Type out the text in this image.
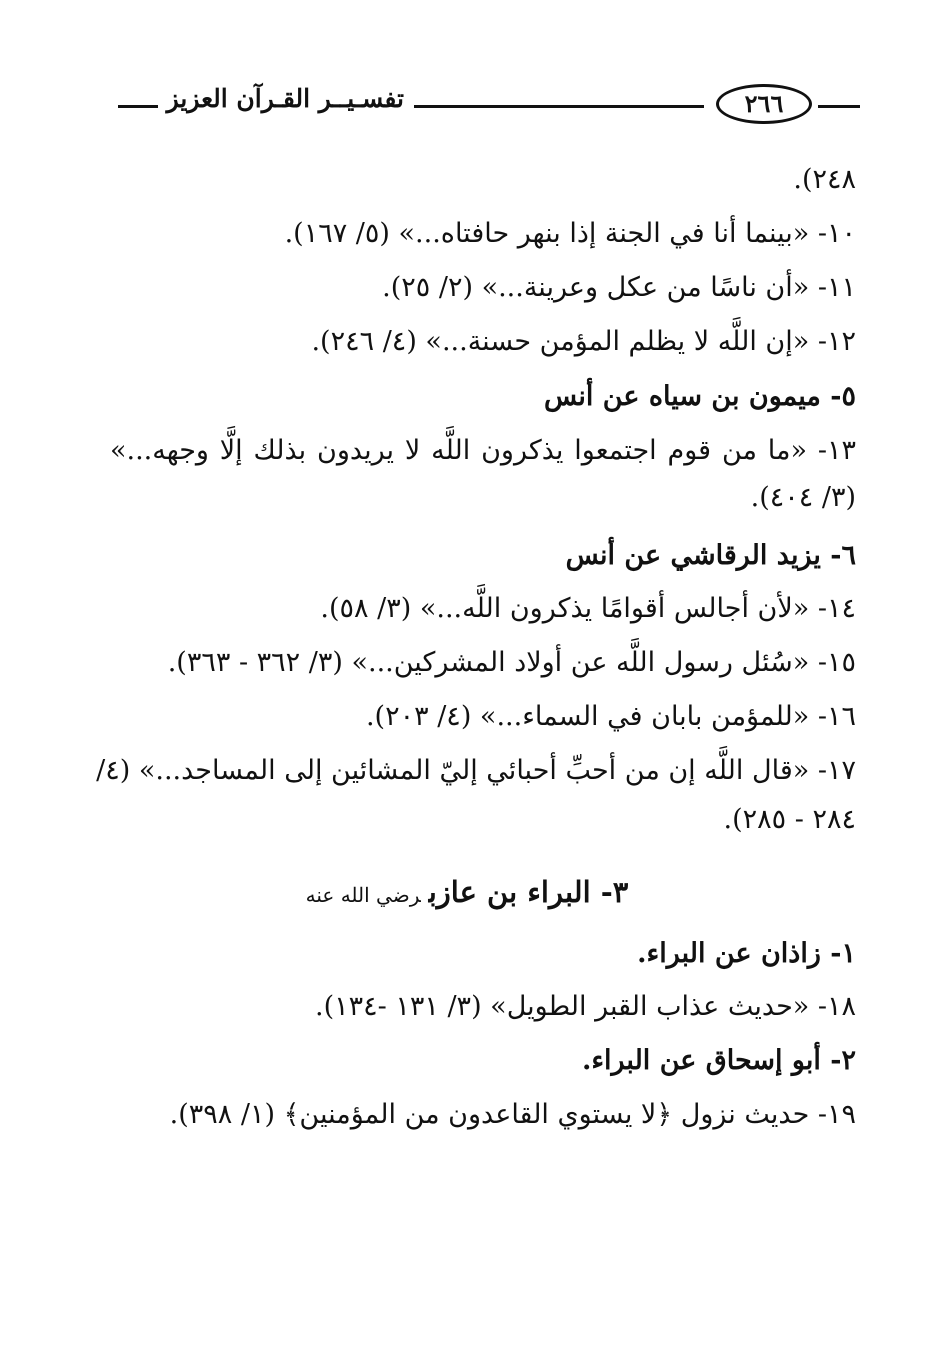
تفسـيــر القـرآن العزيز	٢٦٦
٢٤٨).
١٠- «بينما أنا في الجنة إذا بنهر حافتاه...» (٥/ ١٦٧).
١١- «أن ناسًا من عكل وعرينة...» (٢/ ٢٥).
١٢- «إن اللَّه لا يظلم المؤمن حسنة...» (٤/ ٢٤٦).
٥- ميمون بن سياه عن أنس
١٣- «ما من قوم اجتمعوا يذكرون اللَّه لا يريدون بذلك إلَّا وجهه...»
(٣/ ٤٠٤).
٦- يزيد الرقاشي عن أنس
١٤- «لأن أجالس أقوامًا يذكرون اللَّه...» (٣/ ٥٨).
١٥- «سُئل رسول اللَّه عن أولاد المشركين...» (٣/ ٣٦٢ - ٣٦٣).
١٦- «للمؤمن بابان في السماء...» (٤/ ٢٠٣).
١٧- «قال اللَّه إن من أحبِّ أحبائي إليّ المشائين إلى المساجد...» (٤/
٢٨٤ - ٢٨٥).
٣- البراء بن عازبرضي الله عنه
١- زاذان عن البراء.
١٨- «حديث عذاب القبر الطويل» (٣/ ١٣١ -١٣٤).
٢- أبو إسحاق عن البراء.
١٩- حديث نزول ﴿لا يستوي القاعدون من المؤمنين﴾ (١/ ٣٩٨).
